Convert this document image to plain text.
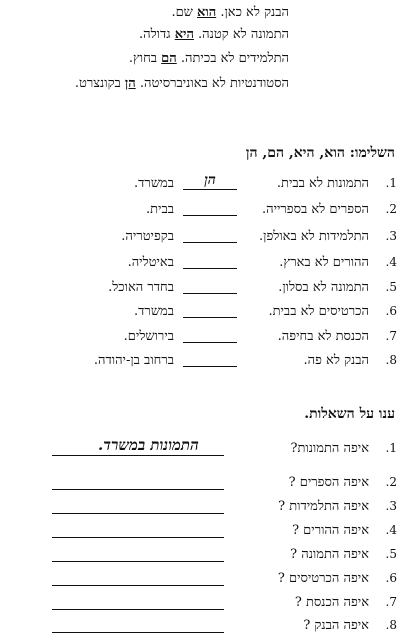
הבנק לא כאן. הוא שם.
התמונה לא קטנה. היא גדולה.
התלמידים לא בכיתה. הם בחוץ.
הסטודנטיות לא באוניברסיטה. הן בקונצרט.
השלימו: הוא, היא, הם, הן
1.
התמונות לא בבית.
הן
במשרד.
2.
הספרים לא בספרייה.
בבית.
3.
התלמידות לא באולפן.
בקפיטריה.
4.
ההורים לא בארץ.
באיטליה.
5.
התמונה לא בסלון.
בחדר האוכל.
6.
הכרטיסים לא בבית.
במשרד.
7.
הכנסת לא בחיפה.
בירושלים.
8.
הבנק לא פה.
ברחוב בן-יהודה.
ענו על השאלות.
1.
איפה התמונות?
התמונות במשרד.
2.
איפה הספרים ?
3.
איפה התלמידות ?
4.
איפה ההורים ?
5.
איפה התמונה ?
6.
איפה הכרטיסים ?
7.
איפה הכנסת ?
8.
איפה הבנק ?
